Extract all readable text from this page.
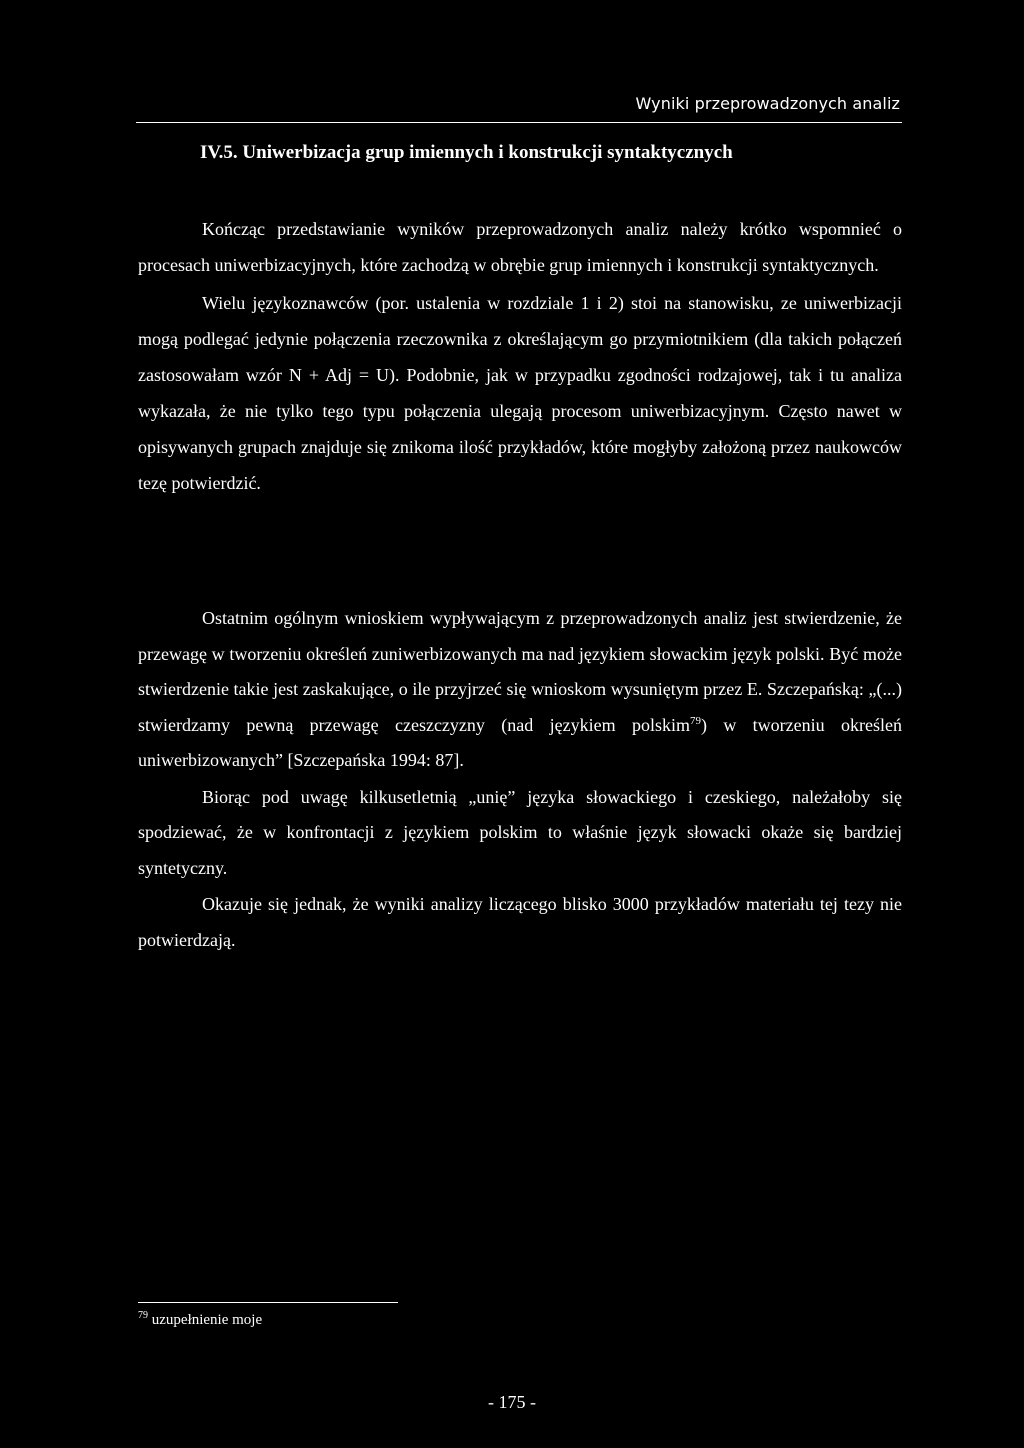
Wyniki przeprowadzonych analiz
IV.5. Uniwerbizacja grup imiennych i konstrukcji syntaktycznych

Kończąc przedstawianie wyników przeprowadzonych analiz należy krótko wspomnieć o procesach uniwerbizacyjnych, które zachodzą w obrębie grup imiennych i konstrukcji syntaktycznych.

Wielu językoznawców (por. ustalenia w rozdziale 1 i 2) stoi na stanowisku, ze uniwerbizacji mogą podlegać jedynie połączenia rzeczownika z określającym go przymiotnikiem (dla takich połączeń zastosowałam wzór N + Adj = U). Podobnie, jak w przypadku zgodności rodzajowej, tak i tu analiza wykazała, że nie tylko tego typu połączenia ulegają procesom uniwerbizacyjnym. Często nawet w opisywanych grupach znajduje się znikoma ilość przykładów, które mogłyby założoną przez naukowców tezę potwierdzić.

Ostatnim ogólnym wnioskiem wypływającym z przeprowadzonych analiz jest stwierdzenie, że przewagę w tworzeniu określeń zuniwerbizowanych ma nad językiem słowackim język polski. Być może stwierdzenie takie jest zaskakujące, o ile przyjrzeć się wnioskom wysuniętym przez E. Szczepańską: „(...) stwierdzamy pewną przewagę czeszczyzny (nad językiem polskim$^{79}$) w tworzeniu określeń uniwerbizowanych” [Szczepańska 1994: 87].

Biorąc pod uwagę kilkusetletnią „unię” języka słowackiego i czeskiego, należałoby się spodziewać, że w konfrontacji z językiem polskim to właśnie język słowacki okaże się bardziej syntetyczny.

Okazuje się jednak, że wyniki analizy liczącego blisko 3000 przykładów materiału tej tezy nie potwierdzają.

$^{79}$ uzupełnienie moje
- 175 -
